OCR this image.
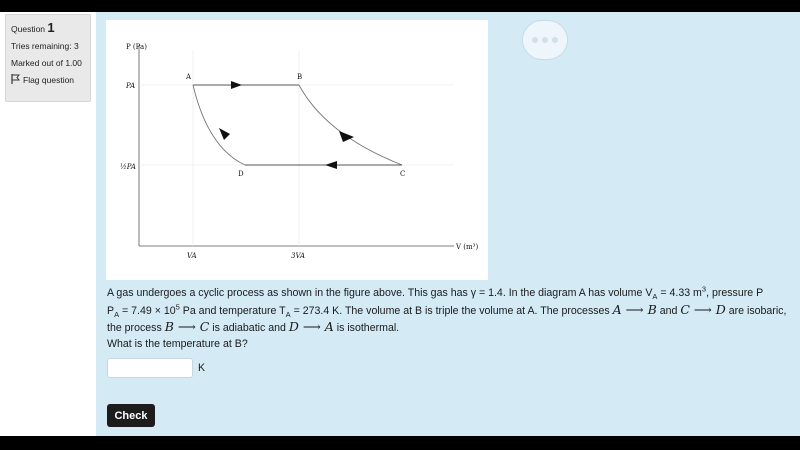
Question 1
Tries remaining: 3
Marked out of 1.00
Flag question
P (Pa)
V (m³)
PA
½PA
VA	3VA
A	B
C
D
A gas undergoes a cyclic process as shown in the figure above. This gas has γ = 1.4. In the diagram A has volume $V_A = 4.33$ $m^3$, pressure P
$P_A = 7.49 \times 10^5$ Pa and temperature $T_A = 273.4$ K. The volume at B is triple the volume at A. The processes A ⟶ B and C ⟶ D are isobaric, the process B ⟶ C is adiabatic and D ⟶ A is isothermal.
What is the temperature at B?
K
Check
